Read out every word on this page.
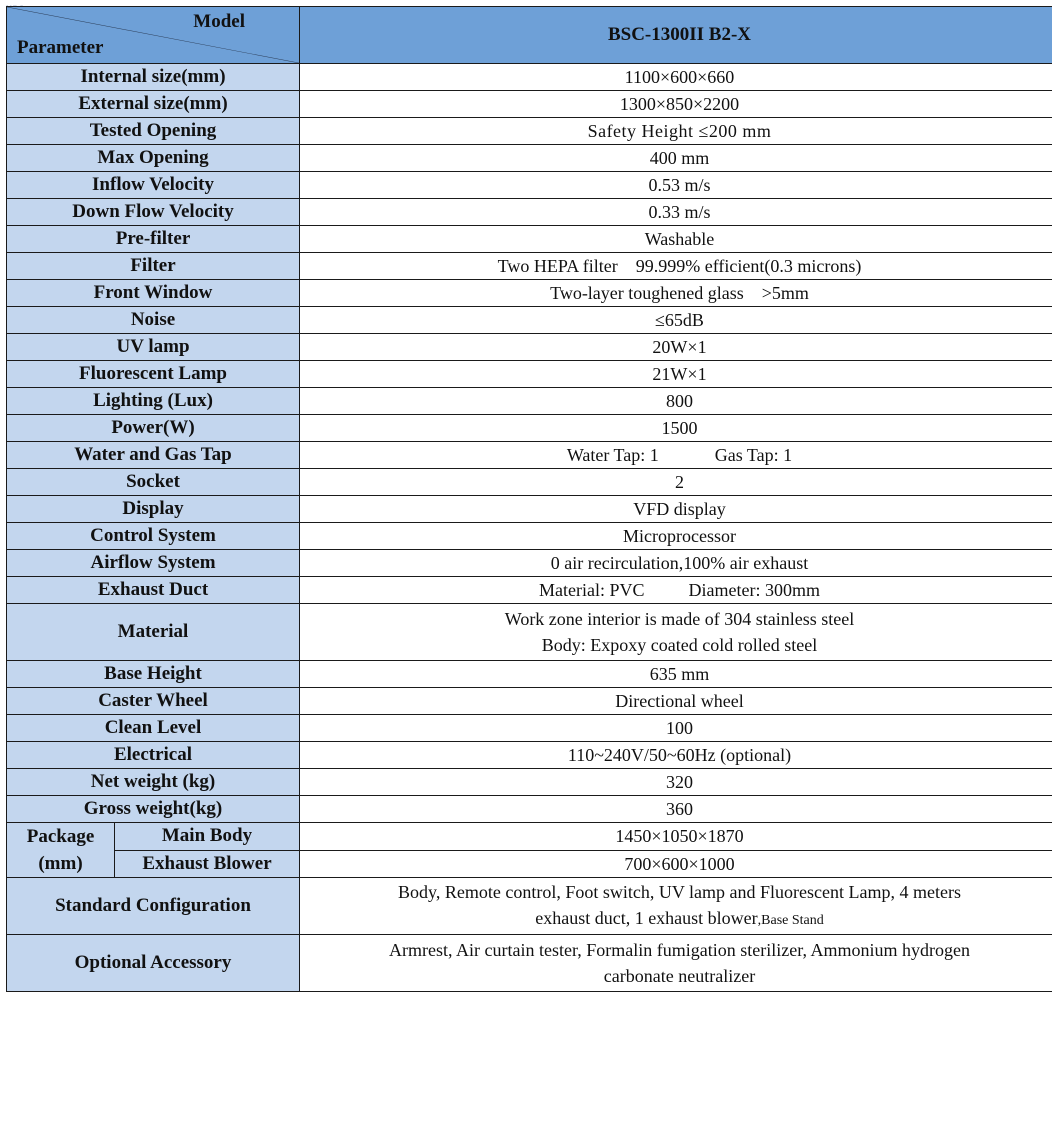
Model
Parameter		BSC-1300II B2-X
Internal size(mm)		1100×600×660
External size(mm)		1300×850×2200
Tested Opening		Safety Height ≤200 mm
Max Opening		400 mm
Inflow Velocity		0.53 m/s
Down Flow Velocity		0.33 m/s
Pre-filter		Washable
Filter		Two HEPA filter    99.999% efficient(0.3 microns)
Front Window		Two-layer toughened glass    >5mm
Noise		≤65dB
UV lamp		20W×1
Fluorescent Lamp		21W×1
Lighting (Lux)		800
Power(W)		1500
Water and Gas Tap		Water Tap: 1 Gas Tap: 1
Socket		2
Display		VFD display
Control System		Microprocessor
Airflow System		0 air recirculation,100% air exhaust
Exhaust Duct		Material: PVC Diameter: 300mm
Material		Work zone interior is made of 304 stainless steel
Body: Expoxy coated cold rolled steel

Base Height		635 mm
Caster Wheel		Directional wheel
Clean Level		100
Electrical		110~240V/50~60Hz (optional)
Net weight (kg)		320
Gross weight(kg)		360

Package
(mm)	Main Body	1450×1050×1870
	Exhaust Blower	700×600×1000
Standard Configuration		Body, Remote control, Foot switch, UV lamp and Fluorescent Lamp, 4 meters
exhaust duct, 1 exhaust blower,Base Stand

Optional Accessory		Armrest, Air curtain tester, Formalin fumigation sterilizer, Ammonium hydrogen
carbonate neutralizer
